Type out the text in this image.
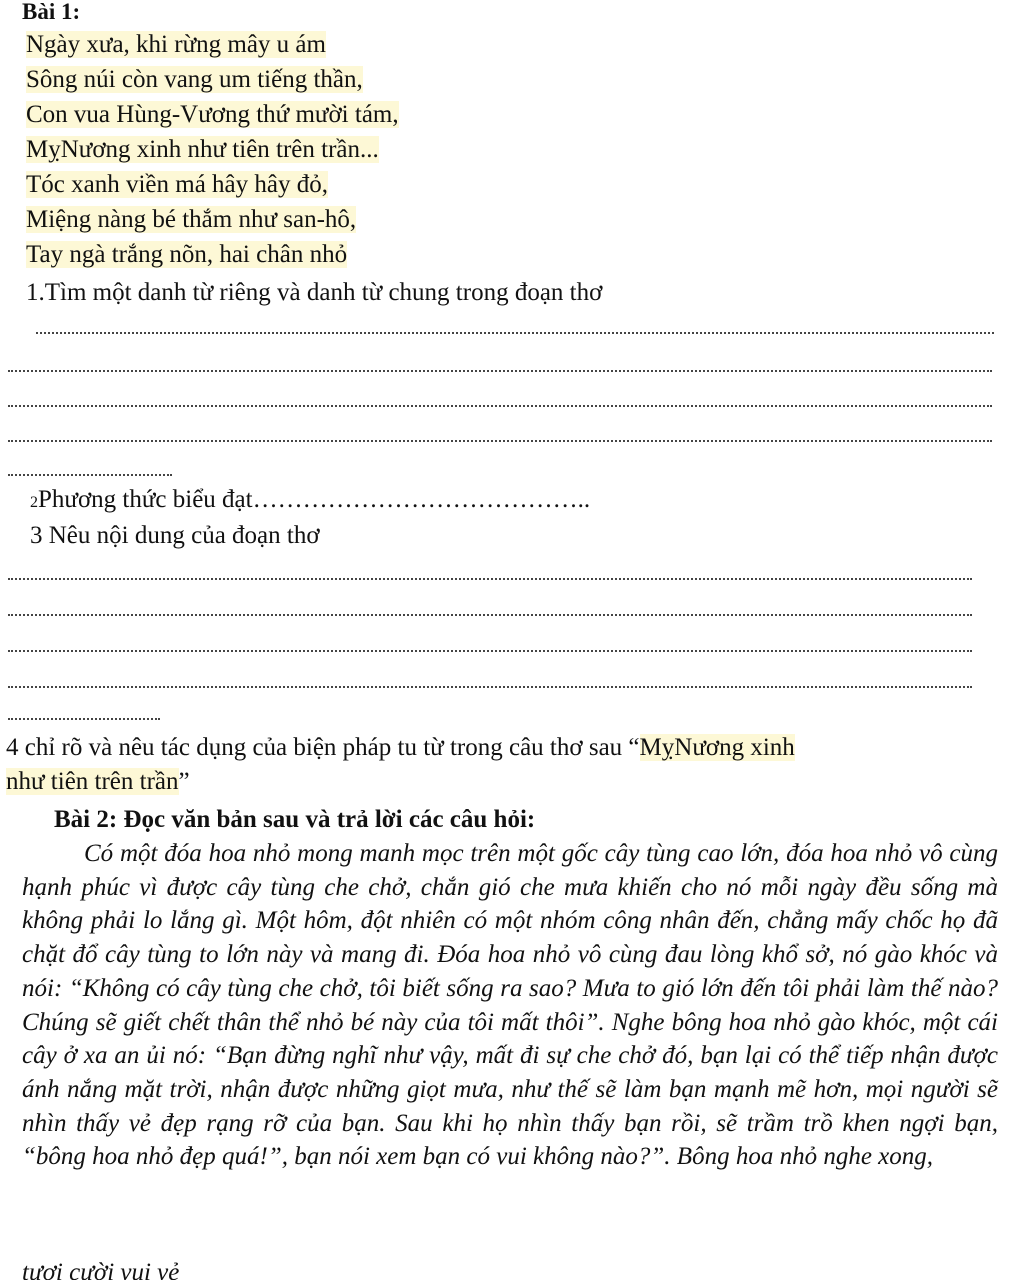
Bài 1:
Ngày xưa, khi rừng mây u ám
Sông núi còn vang um tiếng thần,
Con vua Hùng-Vương thứ mười tám,
MỵNương xinh như tiên trên trần...
Tóc xanh viền má hây hây đỏ,
Miệng nàng bé thắm như san-hô,
Tay ngà trắng nõn, hai chân nhỏ
1.Tìm một danh từ riêng và danh từ chung trong đoạn thơ
2Phương thức biểu đạt…………………………………..
3 Nêu nội dung của đoạn thơ
4 chỉ rõ và nêu tác dụng của biện pháp tu từ trong câu thơ sau “MỵNương xinh
như tiên trên trần”
Bài 2: Đọc văn bản sau và trả lời các câu hỏi:
Có một đóa hoa nhỏ mong manh mọc trên một gốc cây tùng cao lớn, đóa hoa nhỏ vô cùng hạnh phúc vì được cây tùng che chở, chắn gió che mưa khiến cho nó mỗi ngày đều sống mà không phải lo lắng gì. Một hôm, đột nhiên có một nhóm công nhân đến, chẳng mấy chốc họ đã chặt đổ cây tùng to lớn này và mang đi. Đóa hoa nhỏ vô cùng đau lòng khổ sở, nó gào khóc và nói: “Không có cây tùng che chở, tôi biết sống ra sao? Mưa to gió lớn đến tôi phải làm thế nào? Chúng sẽ giết chết thân thể nhỏ bé này của tôi mất thôi”. Nghe bông hoa nhỏ gào khóc, một cái cây ở xa an ủi nó: “Bạn đừng nghĩ như vậy, mất đi sự che chở đó, bạn lại có thể tiếp nhận được ánh nắng mặt trời, nhận được những giọt mưa, như thế sẽ làm bạn mạnh mẽ hơn, mọi người sẽ nhìn thấy vẻ đẹp rạng rỡ của bạn. Sau khi họ nhìn thấy bạn rồi, sẽ trầm trồ khen ngợi bạn, “bông hoa nhỏ đẹp quá!”, bạn nói xem bạn có vui không nào?”. Bông hoa nhỏ nghe xong,
tươi cười vui vẻ
